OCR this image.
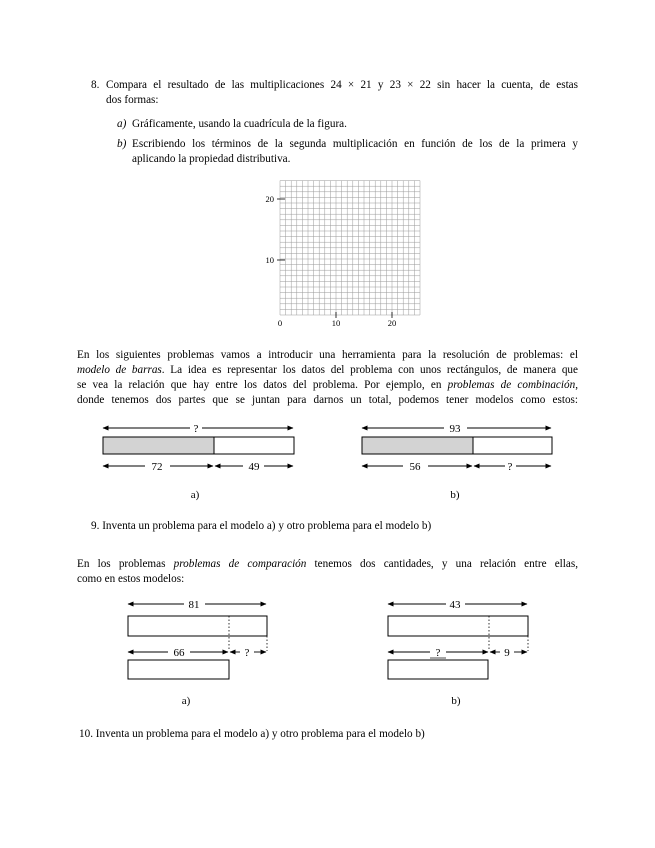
8. Compara el resultado de las multiplicaciones 24 × 21 y 23 × 22 sin hacer la cuenta, de estas
dos formas:
a) Gráficamente, usando la cuadrícula de la figura.
b) Escribiendo los términos de la segunda multiplicación en función de los de la primera y
aplicando la propiedad distributiva.
En los siguientes problemas vamos a introducir una herramienta para la resolución de problemas: el
modelo de barras. La idea es representar los datos del problema con unos rectángulos, de manera que
se vea la relación que hay entre los datos del problema. Por ejemplo, en problemas de combinación,
donde tenemos dos partes que se juntan para darnos un total, podemos tener modelos como estos:
9. Inventa un problema para el modelo a) y otro problema para el modelo b)
En los problemas problemas de comparación tenemos dos cantidades, y una relación entre ellas,
como en estos modelos:
10. Inventa un problema para el modelo a) y otro problema para el modelo b)
0	10	20
10
20
?
72	49
a)
93
56	?
b)
81
66	?
a)
43
?	9
b)
